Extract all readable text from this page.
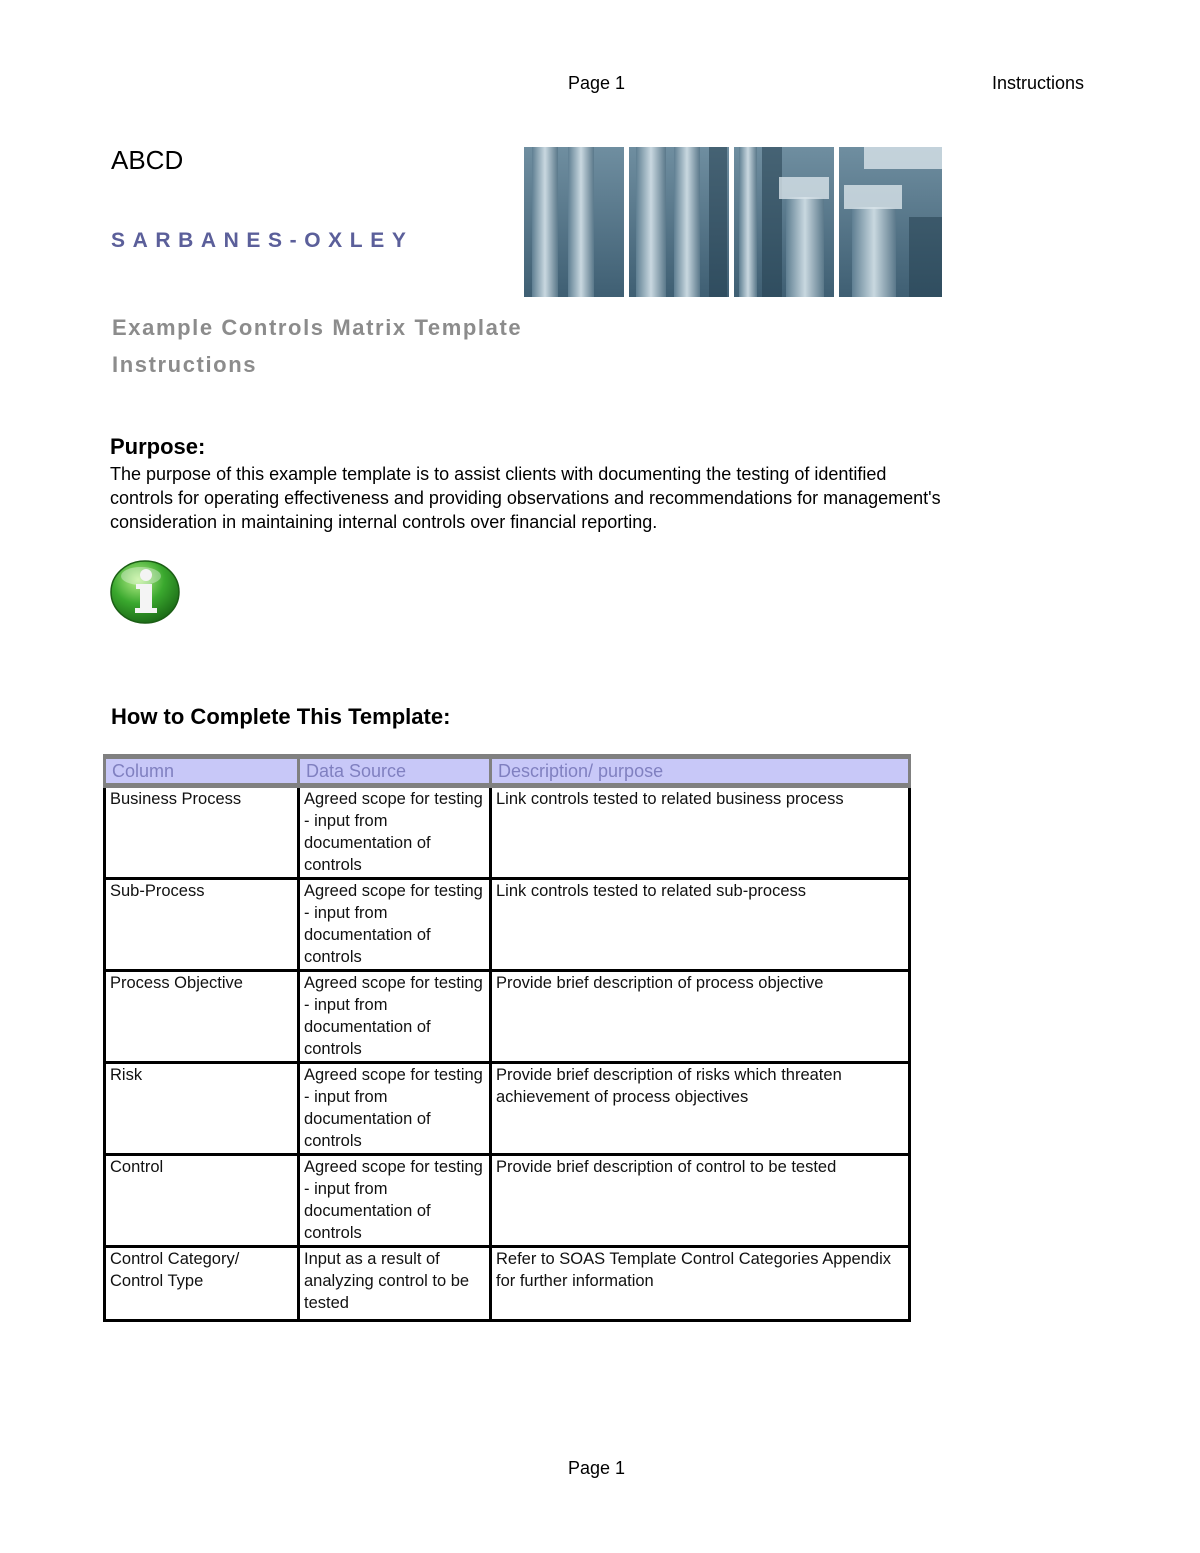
Page 1	Instructions
ABCD
SARBANES-OXLEY
Example Controls Matrix Template
Instructions
Purpose:
The purpose of this example template is to assist clients with documenting the testing of identified controls for operating effectiveness and providing observations and recommendations for management's consideration in maintaining internal controls over financial reporting.
How to Complete This Template:
Column	Data Source	Description/ purpose
Business Process	Agreed scope for testing - input from documentation of controls	Link controls tested to related business process
Sub-Process	Agreed scope for testing - input from documentation of controls	Link controls tested to related sub-process
Process Objective	Agreed scope for testing - input from documentation of controls	Provide brief description of process objective
Risk	Agreed scope for testing - input from documentation of controls	Provide brief description of risks which threaten achievement of process objectives
Control	Agreed scope for testing - input from documentation of controls	Provide brief description of control to be tested
Control Category/ Control Type	Input as a result of analyzing control to be tested	Refer to SOAS Template Control Categories Appendix for further information
Page 1
